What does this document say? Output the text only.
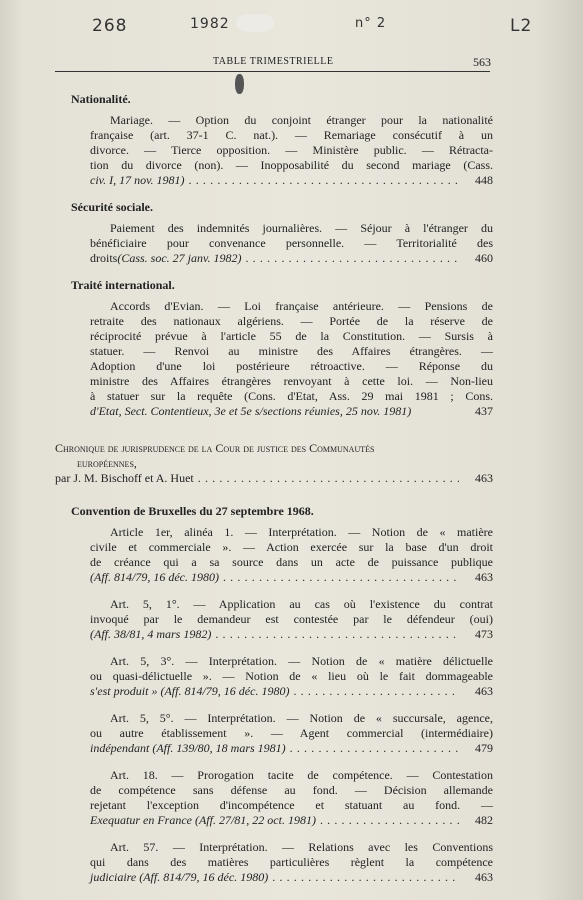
268	1982	n° 2	L2
TABLE TRIMESTRIELLE	563
Nationalité.
Mariage. — Option du conjoint étranger pour la nationalité
française (art. 37-1 C. nat.). — Remariage consécutif à un
divorce. — Tierce opposition. — Ministère public. — Rétracta-
tion du divorce (non). — Inopposabilité du second mariage (Cass.
civ. I, 17 nov. 1981) . . .	448
Sécurité sociale.
Paiement des indemnités journalières. — Séjour à l'étranger du
bénéficiaire pour convenance personnelle. — Territorialité des
droits (Cass. soc. 27 janv. 1982) . . .	460
Traité international.
Accords d'Evian. — Loi française antérieure. — Pensions de
retraite des nationaux algériens. — Portée de la réserve de
réciprocité prévue à l'article 55 de la Constitution. — Sursis à
statuer. — Renvoi au ministre des Affaires étrangères. —
Adoption d'une loi postérieure rétroactive. — Réponse du
ministre des Affaires étrangères renvoyant à cette loi. — Non-lieu
à statuer sur la requête (Cons. d'Etat, Ass. 29 mai 1981 ; Cons.
d'Etat, Sect. Contentieux, 3e et 5e s/sections réunies, 25 nov. 1981)	437
Chronique de jurisprudence de la Cour de justice des Communautés
européennes,
par J. M. Bischoff et A. Huet . . .	463
Convention de Bruxelles du 27 septembre 1968.
Article 1er, alinéa 1. — Interprétation. — Notion de « matière
civile et commerciale ». — Action exercée sur la base d'un droit
de créance qui a sa source dans un acte de puissance publique
(Aff. 814/79, 16 déc. 1980) . . .	463
Art. 5, 1°. — Application au cas où l'existence du contrat
invoqué par le demandeur est contestée par le défendeur (oui)
(Aff. 38/81, 4 mars 1982) . . .	473
Art. 5, 3°. — Interprétation. — Notion de « matière délictuelle
ou quasi-délictuelle ». — Notion de « lieu où le fait dommageable
s'est produit » (Aff. 814/79, 16 déc. 1980) . . .	463
Art. 5, 5°. — Interprétation. — Notion de « succursale, agence,
ou autre établissement ». — Agent commercial (intermédiaire)
indépendant (Aff. 139/80, 18 mars 1981) . . .	479
Art. 18. — Prorogation tacite de compétence. — Contestation
de compétence sans défense au fond. — Décision allemande
rejetant l'exception d'incompétence et statuant au fond. —
Exequatur en France (Aff. 27/81, 22 oct. 1981) . . .	482
Art. 57. — Interprétation. — Relations avec les Conventions
qui dans des matières particulières règlent la compétence
judiciaire (Aff. 814/79, 16 déc. 1980) . . .	463
